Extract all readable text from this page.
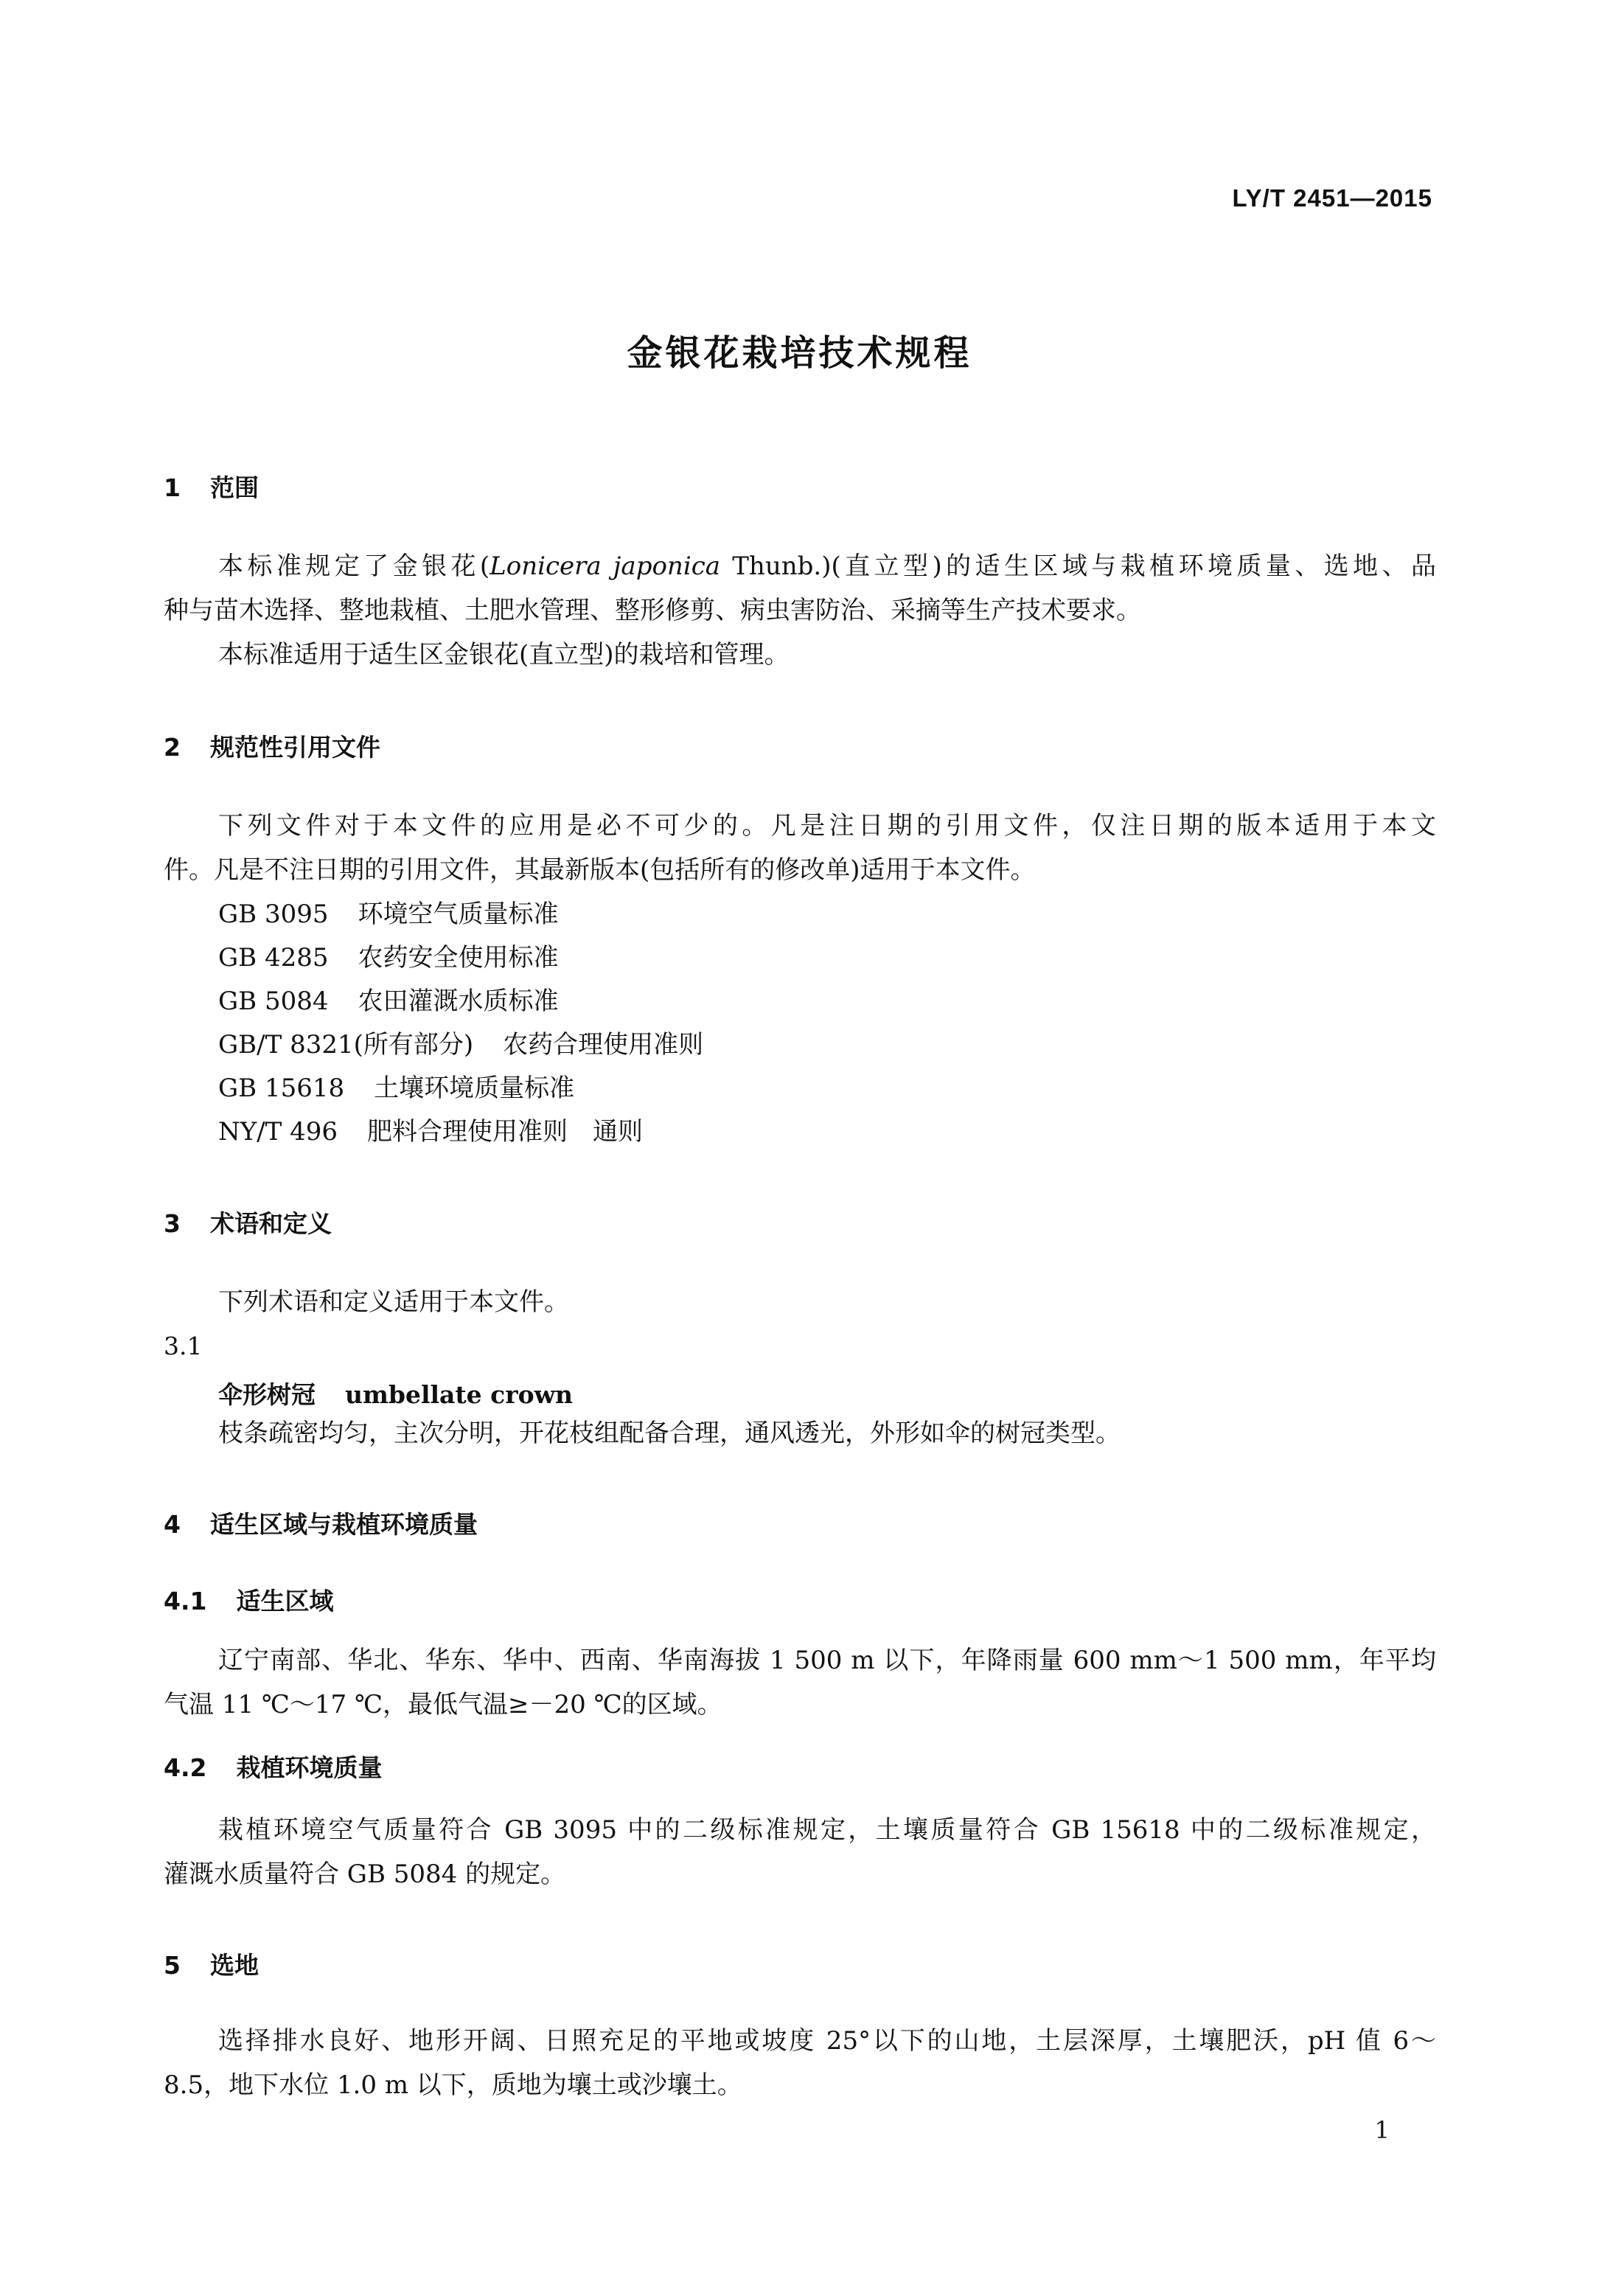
LY/T 2451—2015
金银花栽培技术规程
1 范围
本标准规定了金银花(Lonicera japonica Thunb.)(直立型)的适生区域与栽植环境质量、选地、品
种与苗木选择、整地栽植、土肥水管理、整形修剪、病虫害防治、采摘等生产技术要求。
本标准适用于适生区金银花(直立型)的栽培和管理。
2 规范性引用文件
下列文件对于本文件的应用是必不可少的。凡是注日期的引用文件，仅注日期的版本适用于本文
件。凡是不注日期的引用文件，其最新版本(包括所有的修改单)适用于本文件。
GB 3095 环境空气质量标准
GB 4285 农药安全使用标准
GB 5084 农田灌溉水质标准
GB/T 8321(所有部分) 农药合理使用准则
GB 15618 土壤环境质量标准
NY/T 496 肥料合理使用准则　通则
3 术语和定义
下列术语和定义适用于本文件。
3.1
伞形树冠 umbellate crown
枝条疏密均匀，主次分明，开花枝组配备合理，通风透光，外形如伞的树冠类型。
4 适生区域与栽植环境质量
4.1 适生区域
辽宁南部、华北、华东、华中、西南、华南海拔 1 500 m 以下，年降雨量 600 mm～1 500 mm，年平均
气温 11 ℃～17 ℃，最低气温≥－20 ℃的区域。
4.2 栽植环境质量
栽植环境空气质量符合 GB 3095 中的二级标准规定，土壤质量符合 GB 15618 中的二级标准规定，
灌溉水质量符合 GB 5084 的规定。
5 选地
选择排水良好、地形开阔、日照充足的平地或坡度 25°以下的山地，土层深厚，土壤肥沃，pH 值 6～
8.5，地下水位 1.0 m 以下，质地为壤土或沙壤土。
1
